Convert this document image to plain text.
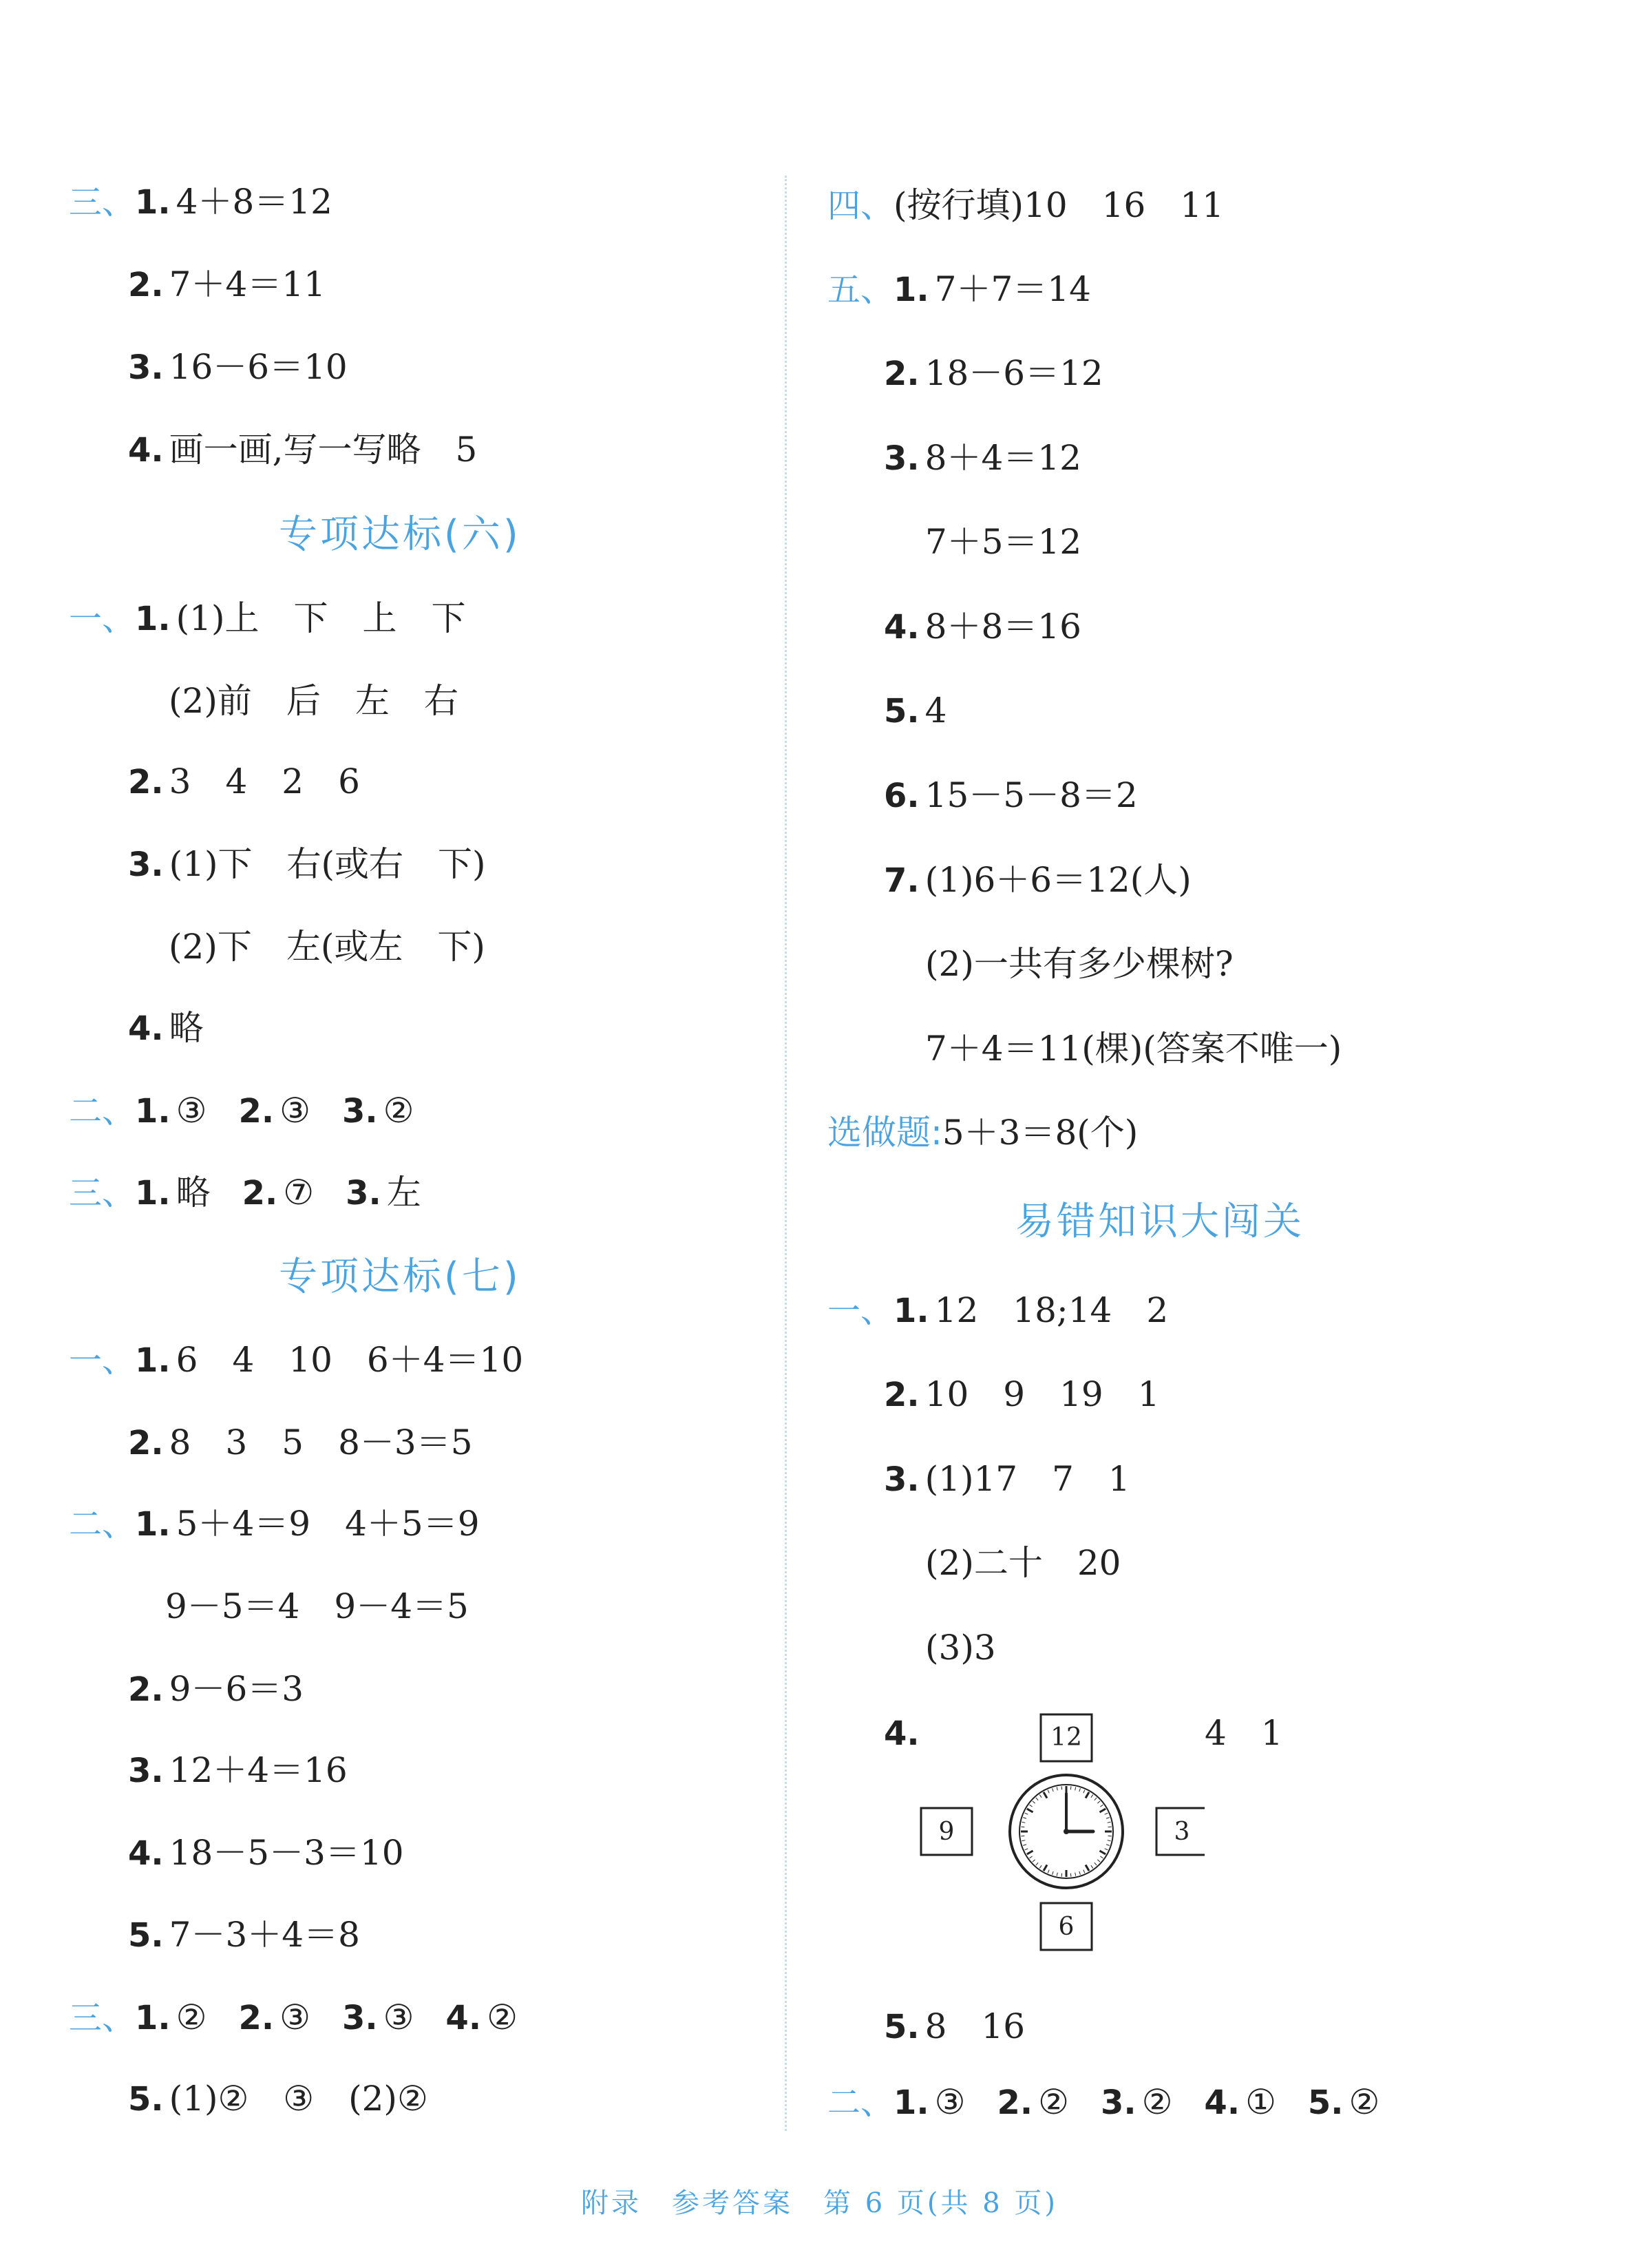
三、1. 4＋8＝12
2. 7＋4＝11
3. 16－6＝10
4. 画一画,写一写略　5
专项达标(六)
一、1. (1)上　下　上　下
(2)前　后　左　右
2. 3　4　2　6
3. (1)下　右(或右　下)
(2)下　左(或左　下)
4. 略
二、1. ③ 2. ③ 3. ②
三、1. 略 2. ⑦ 3. 左
专项达标(七)
一、1. 6　4　10　6＋4＝10
2. 8　3　5　8－3＝5
二、1. 5＋4＝9　4＋5＝9
9－5＝4　9－4＝5
2. 9－6＝3
3. 12＋4＝16
4. 18－5－3＝10
5. 7－3＋4＝8
三、1. ② 2. ③ 3. ③ 4. ②
5. (1)②　③　(2)②
四、(按行填)10　16　11
五、1. 7＋7＝14
2. 18－6＝12
3. 8＋4＝12
7＋5＝12
4. 8＋8＝16
5. 4
6. 15－5－8＝2
7. (1)6＋6＝12(人)
(2)一共有多少棵树?
7＋4＝11(棵)(答案不唯一)
选做题:5＋3＝8(个)
易错知识大闯关
一、1. 12　18;14　2
2. 10　9　19　1
3. (1)17　7　1
(2)二十　20
(3)3
4.	4　1
12
9	3
6
5. 8　16
二、1. ③ 2. ② 3. ② 4. ① 5. ②
附录 参考答案 第 6 页(共 8 页)
